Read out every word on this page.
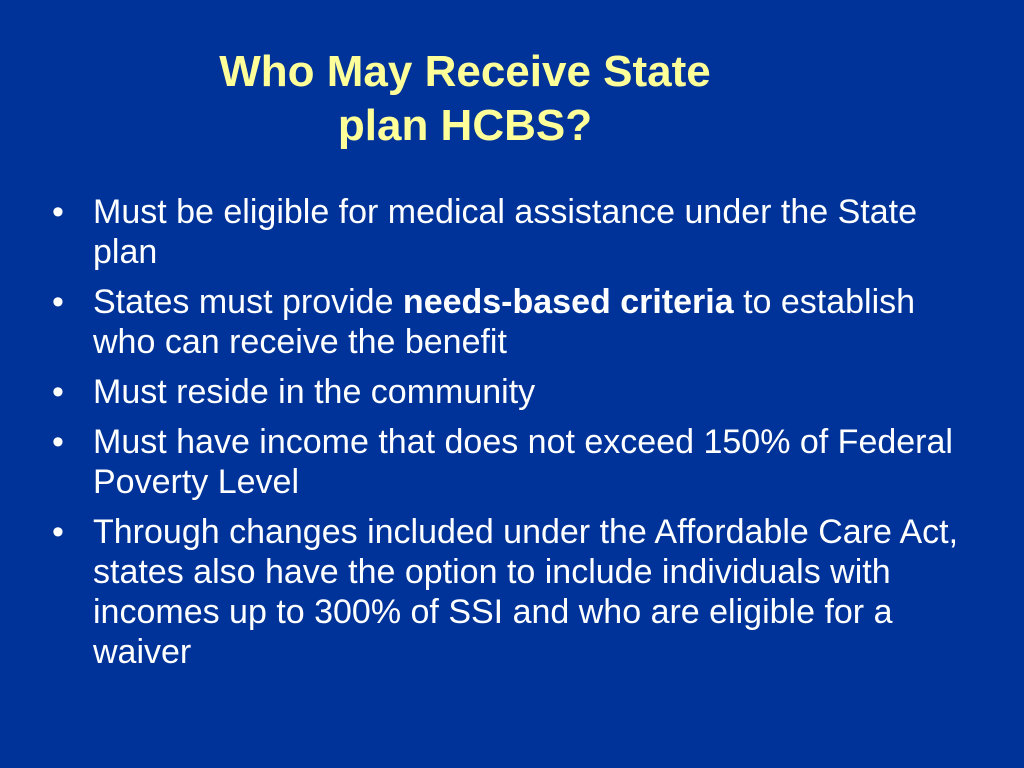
Who May Receive State
plan HCBS?
• Must be eligible for medical assistance under the State plan
• States must provide needs-based criteria to establish who can receive the benefit
• Must reside in the community
• Must have income that does not exceed 150% of Federal Poverty Level
• Through changes included under the Affordable Care Act, states also have the option to include individuals with incomes up to 300% of SSI and who are eligible for a waiver
